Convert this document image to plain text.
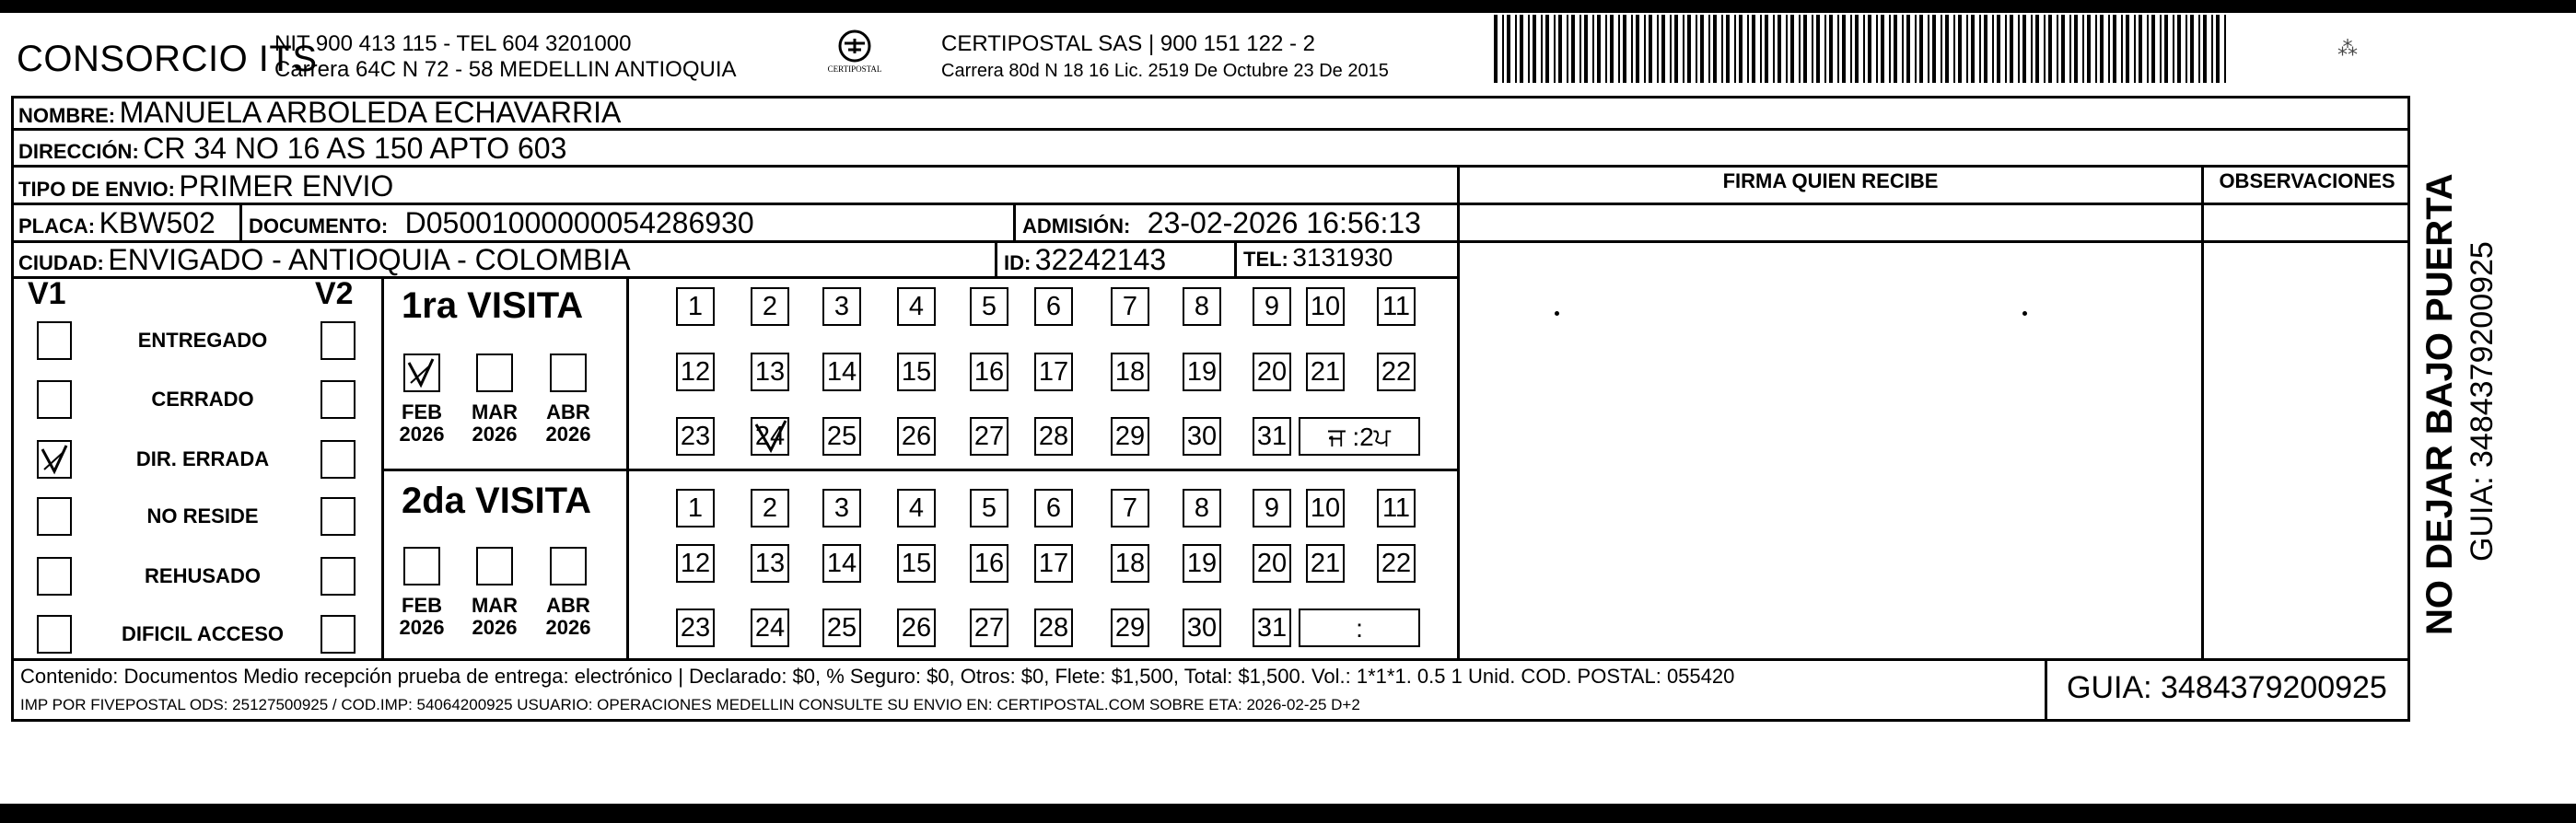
CONSORCIO ITS
NIT 900 413 115 - TEL 604 3201000
Carrera 64C N 72 - 58 MEDELLIN ANTIOQUIA	CERTIPOSTAL
CERTIPOSTAL SAS | 900 151 122 - 2
Carrera 80d N 18 16 Lic. 2519 De Octubre 23 De 2015
⁂
NOMBRE: MANUELA ARBOLEDA ECHAVARRIA
DIRECCIÓN: CR 34 NO 16 AS 150 APTO 603
TIPO DE ENVIO: PRIMER ENVIO	FIRMA QUIEN RECIBE	OBSERVACIONES
PLACA: KBW502 DOCUMENTO: D05001000000054286930	ADMISIÓN: 23-02-2026 16:56:13
CIUDAD: ENVIGADO - ANTIOQUIA - COLOMBIA	ID: 32242143	TEL: 3131930
V1	V2
ENTREGADO
CERRADO
DIR. ERRADA
NO RESIDE
REHUSADO
DIFICIL ACCESO
1ra VISITA
FEB
2026
MAR
2026
ABR
2026
1	2	3	4	5	6	7	8	9	10 11
12 13 14 15 16 17 18 19 20 21 22
23 24 25 26 27 28 29 30 31	ਜ :2ਪ
2da VISITA
FEB
2026
MAR
2026
ABR
2026
1	2	3	4	5	6	7	8	9	10 11
12 13 14 15 16 17 18 19 20 21 22
23 24 25 26 27 28 29 30 31	:
Contenido: Documentos Medio recepción prueba de entrega: electrónico | Declarado: $0, % Seguro: $0, Otros: $0, Flete: $1,500, Total: $1,500. Vol.: 1*1*1. 0.5 1 Unid. COD. POSTAL: 055420
IMP POR FIVEPOSTAL ODS: 25127500925 / COD.IMP: 54064200925 USUARIO: OPERACIONES MEDELLIN CONSULTE SU ENVIO EN: CERTIPOSTAL.COM SOBRE ETA: 2026-02-25 D+2	GUIA: 3484379200925
NO DEJAR BAJO PUERTA GUIA: 3484379200925
